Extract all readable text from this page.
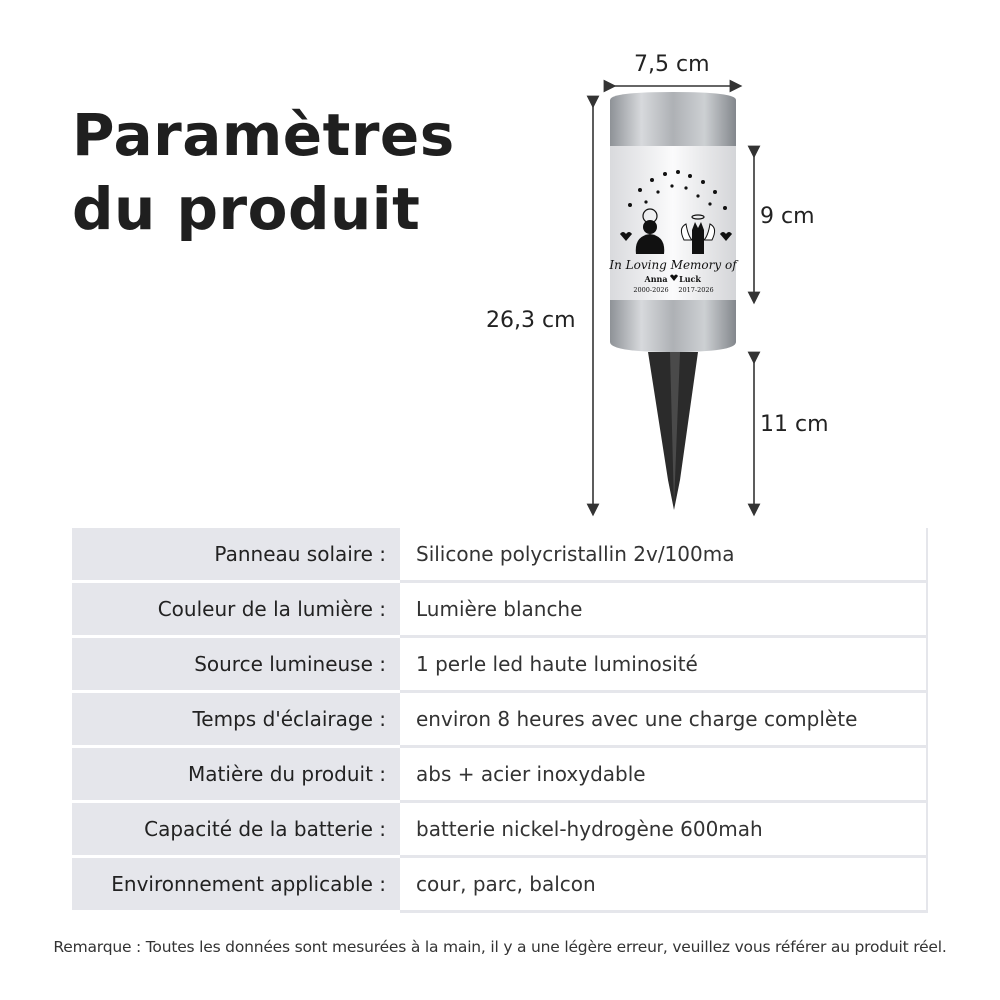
Paramètres
du produit
In Loving Memory of
Anna Luck
2000-2026 2017-2026
7,5 cm
26,3 cm
9 cm
11 cm
Panneau solaire :	Silicone polycristallin 2v/100ma
Couleur de la lumière :	Lumière blanche
Source lumineuse :	1 perle led haute luminosité
Temps d'éclairage :	environ 8 heures avec une charge complète
Matière du produit :	abs + acier inoxydable
Capacité de la batterie :	batterie nickel-hydrogène 600mah
Environnement applicable :	cour, parc, balcon
Remarque : Toutes les données sont mesurées à la main, il y a une légère erreur, veuillez vous référer au produit réel.
